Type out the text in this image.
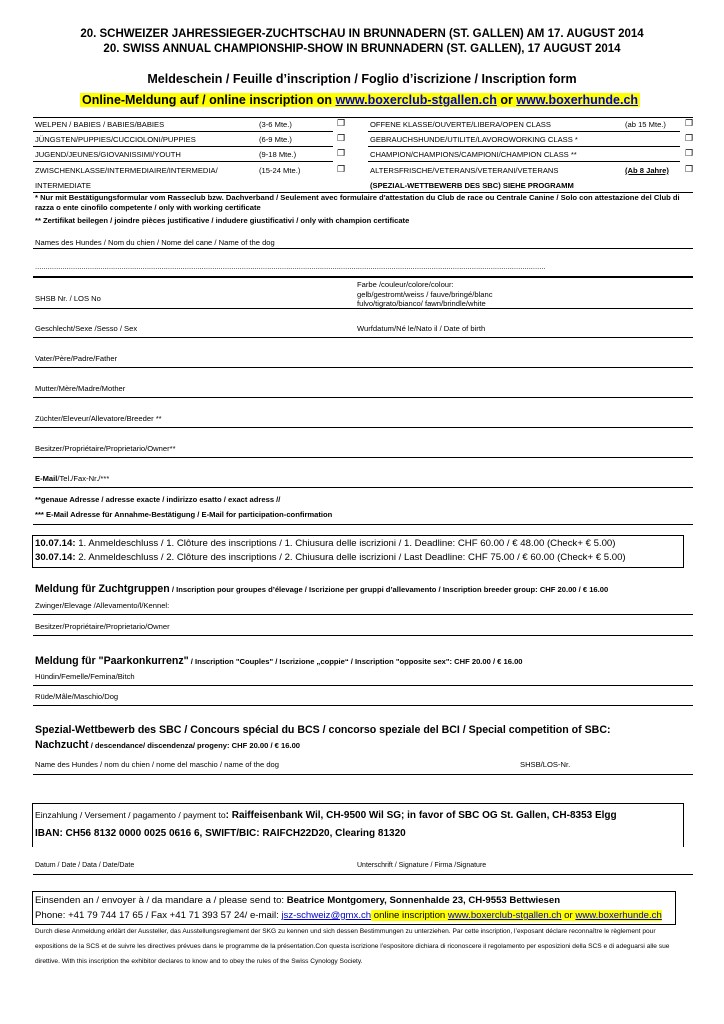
20. SCHWEIZER JAHRESSIEGER-ZUCHTSCHAU IN BRUNNADERN (ST. GALLEN) AM 17. AUGUST 2014
20. SWISS ANNUAL CHAMPIONSHIP-SHOW IN BRUNNADERN (ST. GALLEN), 17 AUGUST 2014
Meldeschein / Feuille d’inscription / Foglio d’iscrizione / Inscription form
Online-Meldung auf / online inscription on www.boxerclub-stgallen.ch or www.boxerhunde.ch
WELPEN / BABIES / BABIES/BABIES	(3-6 Mte.)	❐
JÜNGSTEN/PUPPIES/CUCCIOLONI/PUPPIES	(6-9 Mte.)	❐
JUGEND/JEUNES/GIOVANISSIMI/YOUTH	(9-18 Mte.)	❐
ZWISCHENKLASSE/INTERMEDIAIRE/INTERMEDIA/	(15-24 Mte.)	❐
INTERMEDIATE
OFFENE KLASSE/OUVERTE/LIBERA/OPEN CLASS	(ab 15 Mte.) ❐
GEBRAUCHSHUNDE/UTILITE/LAVOROWORKING CLASS *	❐
CHAMPION/CHAMPIONS/CAMPIONI/CHAMPION CLASS **	❐
ALTERSFRISCHE/VETERANS/VETERANI/VETERANS	(Ab 8 Jahre) ❐
(SPEZIAL-WETTBEWERB DES SBC) SIEHE PROGRAMM
* Nur mit Bestätigungsformular vom Rasseclub bzw. Dachverband / Seulement avec formulaire d'attestation du Club de race ou Centrale Canine / Solo con attestazione del Club di razza o ente cinofilo competente / only with working certificate
** Zertifikat beilegen / joindre pièces justificative / indudere giustificativi / only with champion certificate
Names des Hundes / Nom du chien / Nome del cane / Name of the dog
..................................................................................................................................................................................................................................................
Farbe /couleur/colore/colour:
gelb/gestromt/weiss / fauve/bringé/blanc
fulvo/tigrato/bianco/ fawn/brindle/white
SHSB Nr. / LOS No
Geschlecht/Sexe /Sesso / Sex	Wurfdatum/Né le/Nato il / Date of birth
Vater/Père/Padre/Father
Mutter/Mère/Madre/Mother
Züchter/Eleveur/Allevatore/Breeder **
Besitzer/Propriétaire/Proprietario/Owner**
E-Mail/Tel./Fax-Nr./***
**genaue Adresse / adresse exacte / indirizzo esatto / exact adress //
*** E-Mail Adresse für Annahme-Bestätigung / E-Mail for participation-confirmation
10.07.14: 1. Anmeldeschluss / 1. Clôture des inscriptions / 1. Chiusura delle iscrizioni / 1. Deadline: CHF 60.00 / € 48.00 (Check+ € 5.00)
30.07.14: 2. Anmeldeschluss / 2. Clôture des inscriptions / 2. Chiusura delle iscrizioni / Last Deadline: CHF 75.00 / € 60.00 (Check+ € 5.00)
Meldung für Zuchtgruppen / Inscription pour groupes d’élevage / Iscrizione per gruppi d’allevamento / Inscription breeder group: CHF 20.00 / € 16.00
Zwinger/Elevage /Allevamento/l/Kennel:
Besitzer/Propriétaire/Proprietario/Owner
Meldung für "Paarkonkurrenz" / Inscription "Couples" / Iscrizione „coppie“ / Inscription "opposite sex": CHF 20.00 / € 16.00
Hündin/Femelle/Femina/Bitch
Rüde/Mâle/Maschio/Dog
Spezial-Wettbewerb des SBC / Concours spécial du BCS / concorso speziale del BCI / Special competition of SBC:
Nachzucht / descendance/ discendenza/ progeny: CHF 20.00 / € 16.00
Name des Hundes / nom du chien / nome del maschio / name of the dog	SHSB/LOS-Nr.
Einzahlung / Versement / pagamento / payment to: Raiffeisenbank Wil, CH-9500 Wil SG; in favor of SBC OG St. Gallen, CH-8353 Elgg
IBAN: CH56 8132 0000 0025 0616 6, SWIFT/BIC: RAIFCH22D20, Clearing 81320
Datum / Date / Data / Date/Date	Unterschrift / Signature / Firma /Signature
Einsenden an / envoyer à / da mandare a / please send to: Beatrice Montgomery, Sonnenhalde 23, CH-9553 Bettwiesen
Phone: +41 79 744 17 65 / Fax +41 71 393 57 24/ e-mail: jsz-schweiz@gmx.ch online inscription www.boxerclub-stgallen.ch or www.boxerhunde.ch
Durch diese Anmeldung erklärt der Aussteller, das Ausstellungsreglement der SKG zu kennen und sich dessen Bestimmungen zu unterziehen. Par cette inscription, l’exposant déclare reconnaître le règlement pour expositions de la SCS et de suivre les directives prévues dans le programme de la présentation.Con questa iscrizione l’espositore dichiara di riconoscere il regolamento per esposizioni della SCS e di adeguarsi alle sue direttive. With this inscription the exhibitor declares to know and to obey the rules of the Swiss Cynology Society.
